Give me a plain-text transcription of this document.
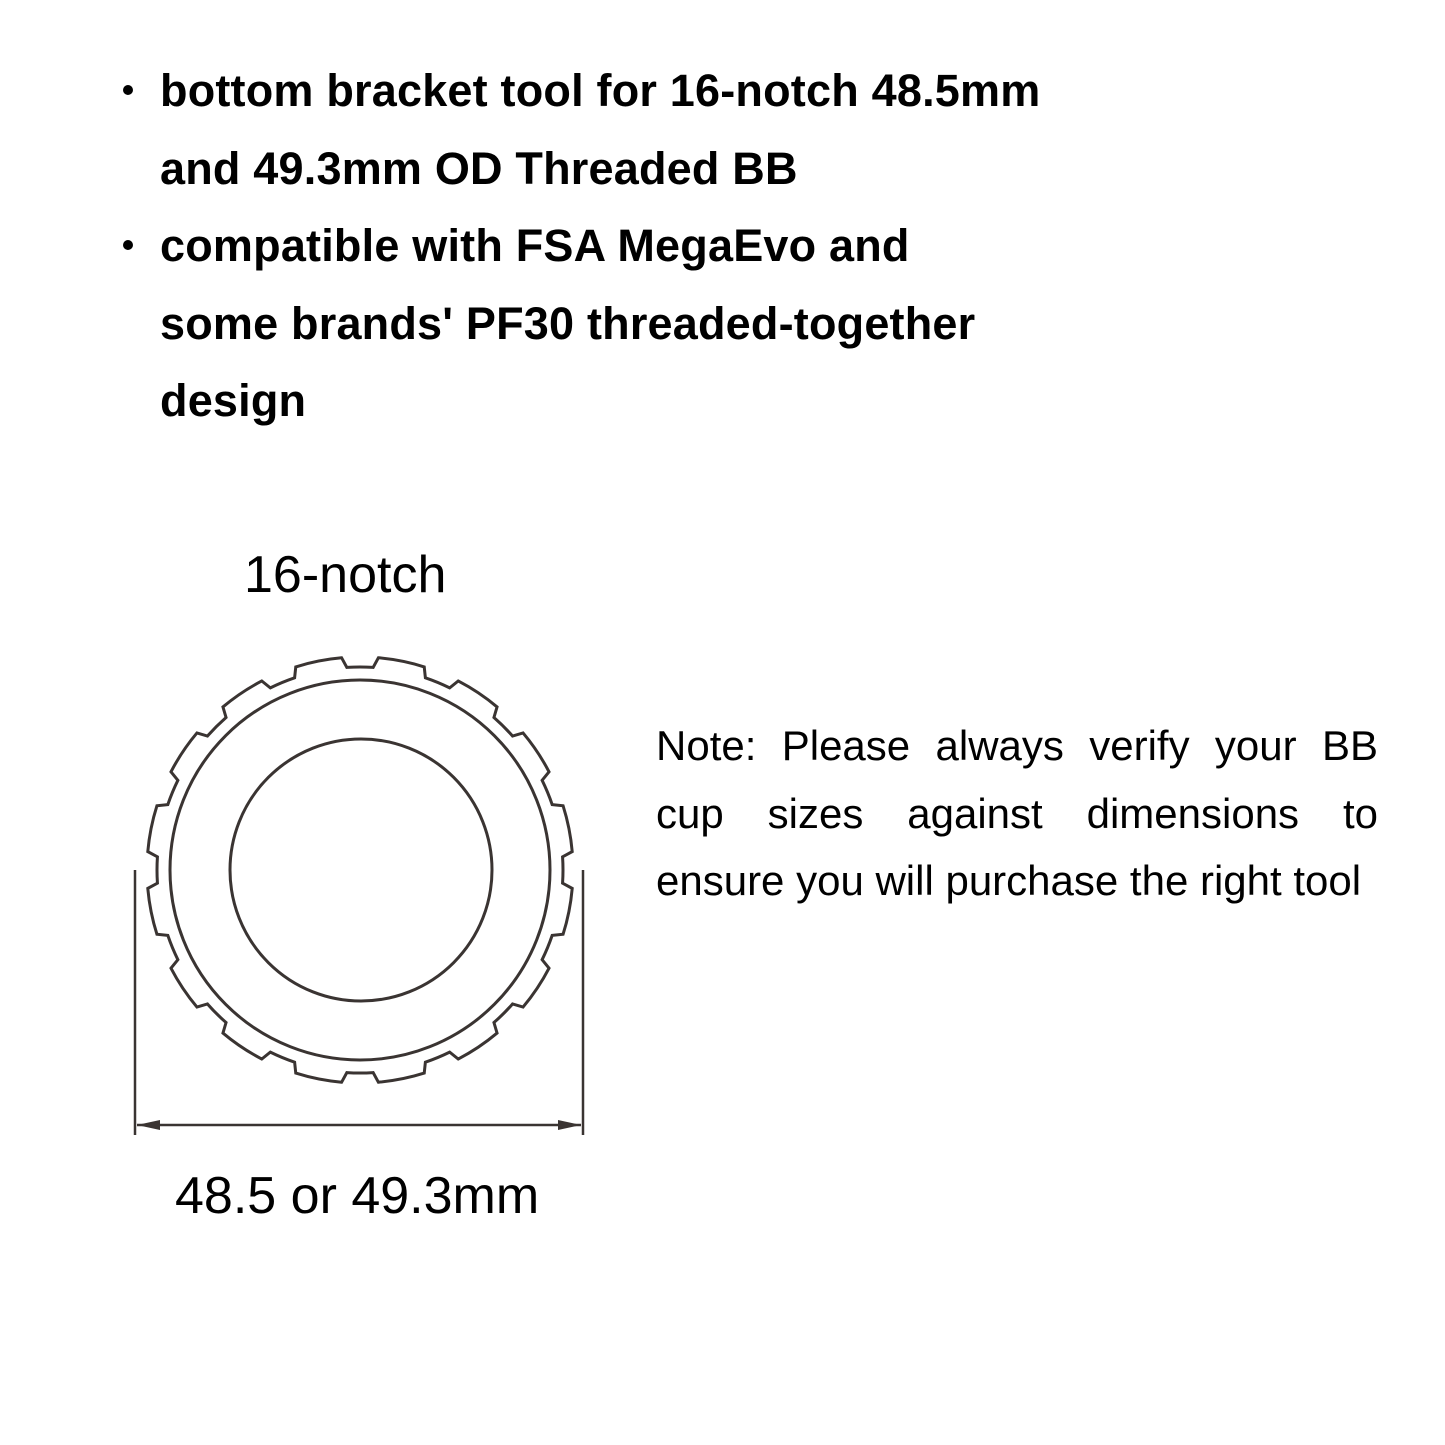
bottom bracket tool for 16-notch 48.5mm
and 49.3mm OD Threaded BB
compatible with FSA MegaEvo and
some brands' PF30 threaded-together
design
16-notch
48.5 or 49.3mm
Note: Please always verify your BB cup sizes against dimensions to ensure you will purchase the right tool
